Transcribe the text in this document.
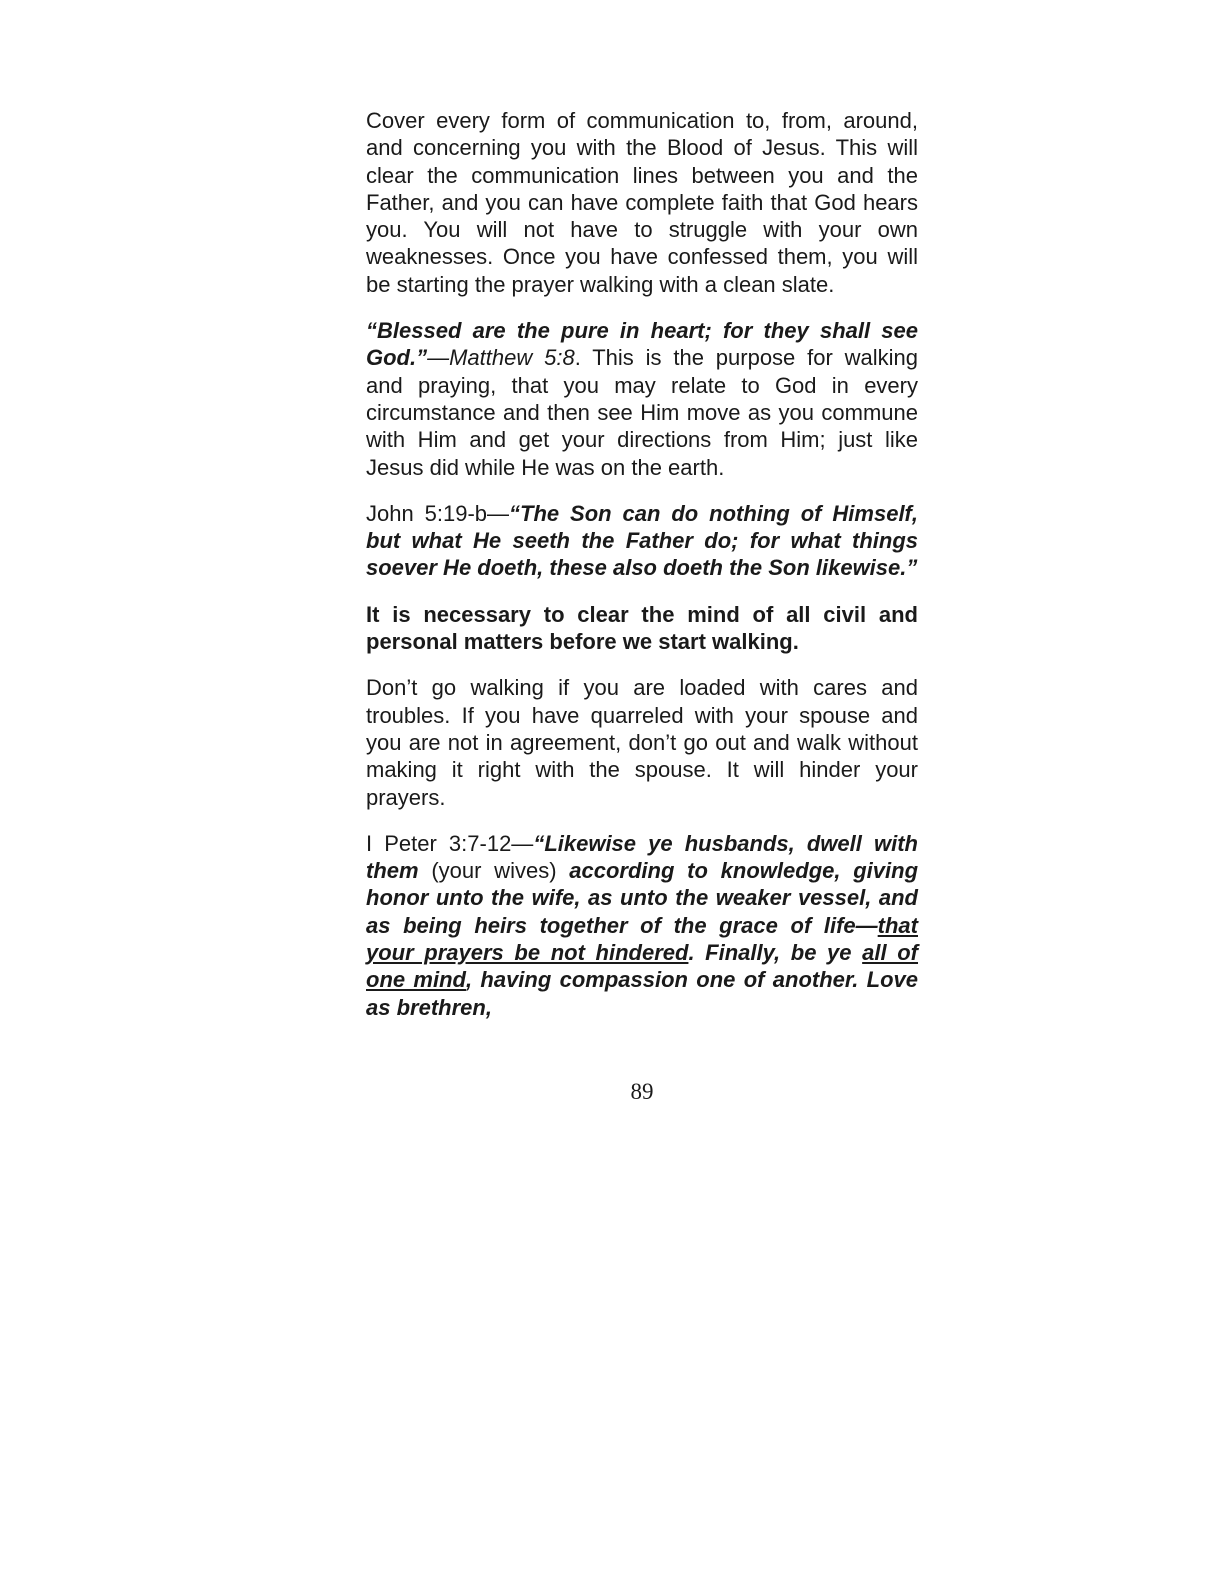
Cover every form of communication to, from, around, and concerning you with the Blood of Jesus. This will clear the communication lines between you and the Father, and you can have complete faith that God hears you. You will not have to struggle with your own weaknesses. Once you have confessed them, you will be starting the prayer walking with a clean slate.

“Blessed are the pure in heart; for they shall see God.”—Matthew 5:8. This is the purpose for walking and praying, that you may relate to God in every circumstance and then see Him move as you commune with Him and get your directions from Him; just like Jesus did while He was on the earth.

John 5:19-b—“The Son can do nothing of Himself, but what He seeth the Father do; for what things soever He doeth, these also doeth the Son likewise.”

It is necessary to clear the mind of all civil and personal matters before we start walking.

Don’t go walking if you are loaded with cares and troubles. If you have quarreled with your spouse and you are not in agreement, don’t go out and walk without making it right with the spouse. It will hinder your prayers.

I Peter 3:7-12—“Likewise ye husbands, dwell with them (your wives) according to knowledge, giving honor unto the wife, as unto the weaker vessel, and as being heirs together of the grace of life—that your prayers be not hindered. Finally, be ye all of one mind, having compassion one of another. Love as brethren,

89
